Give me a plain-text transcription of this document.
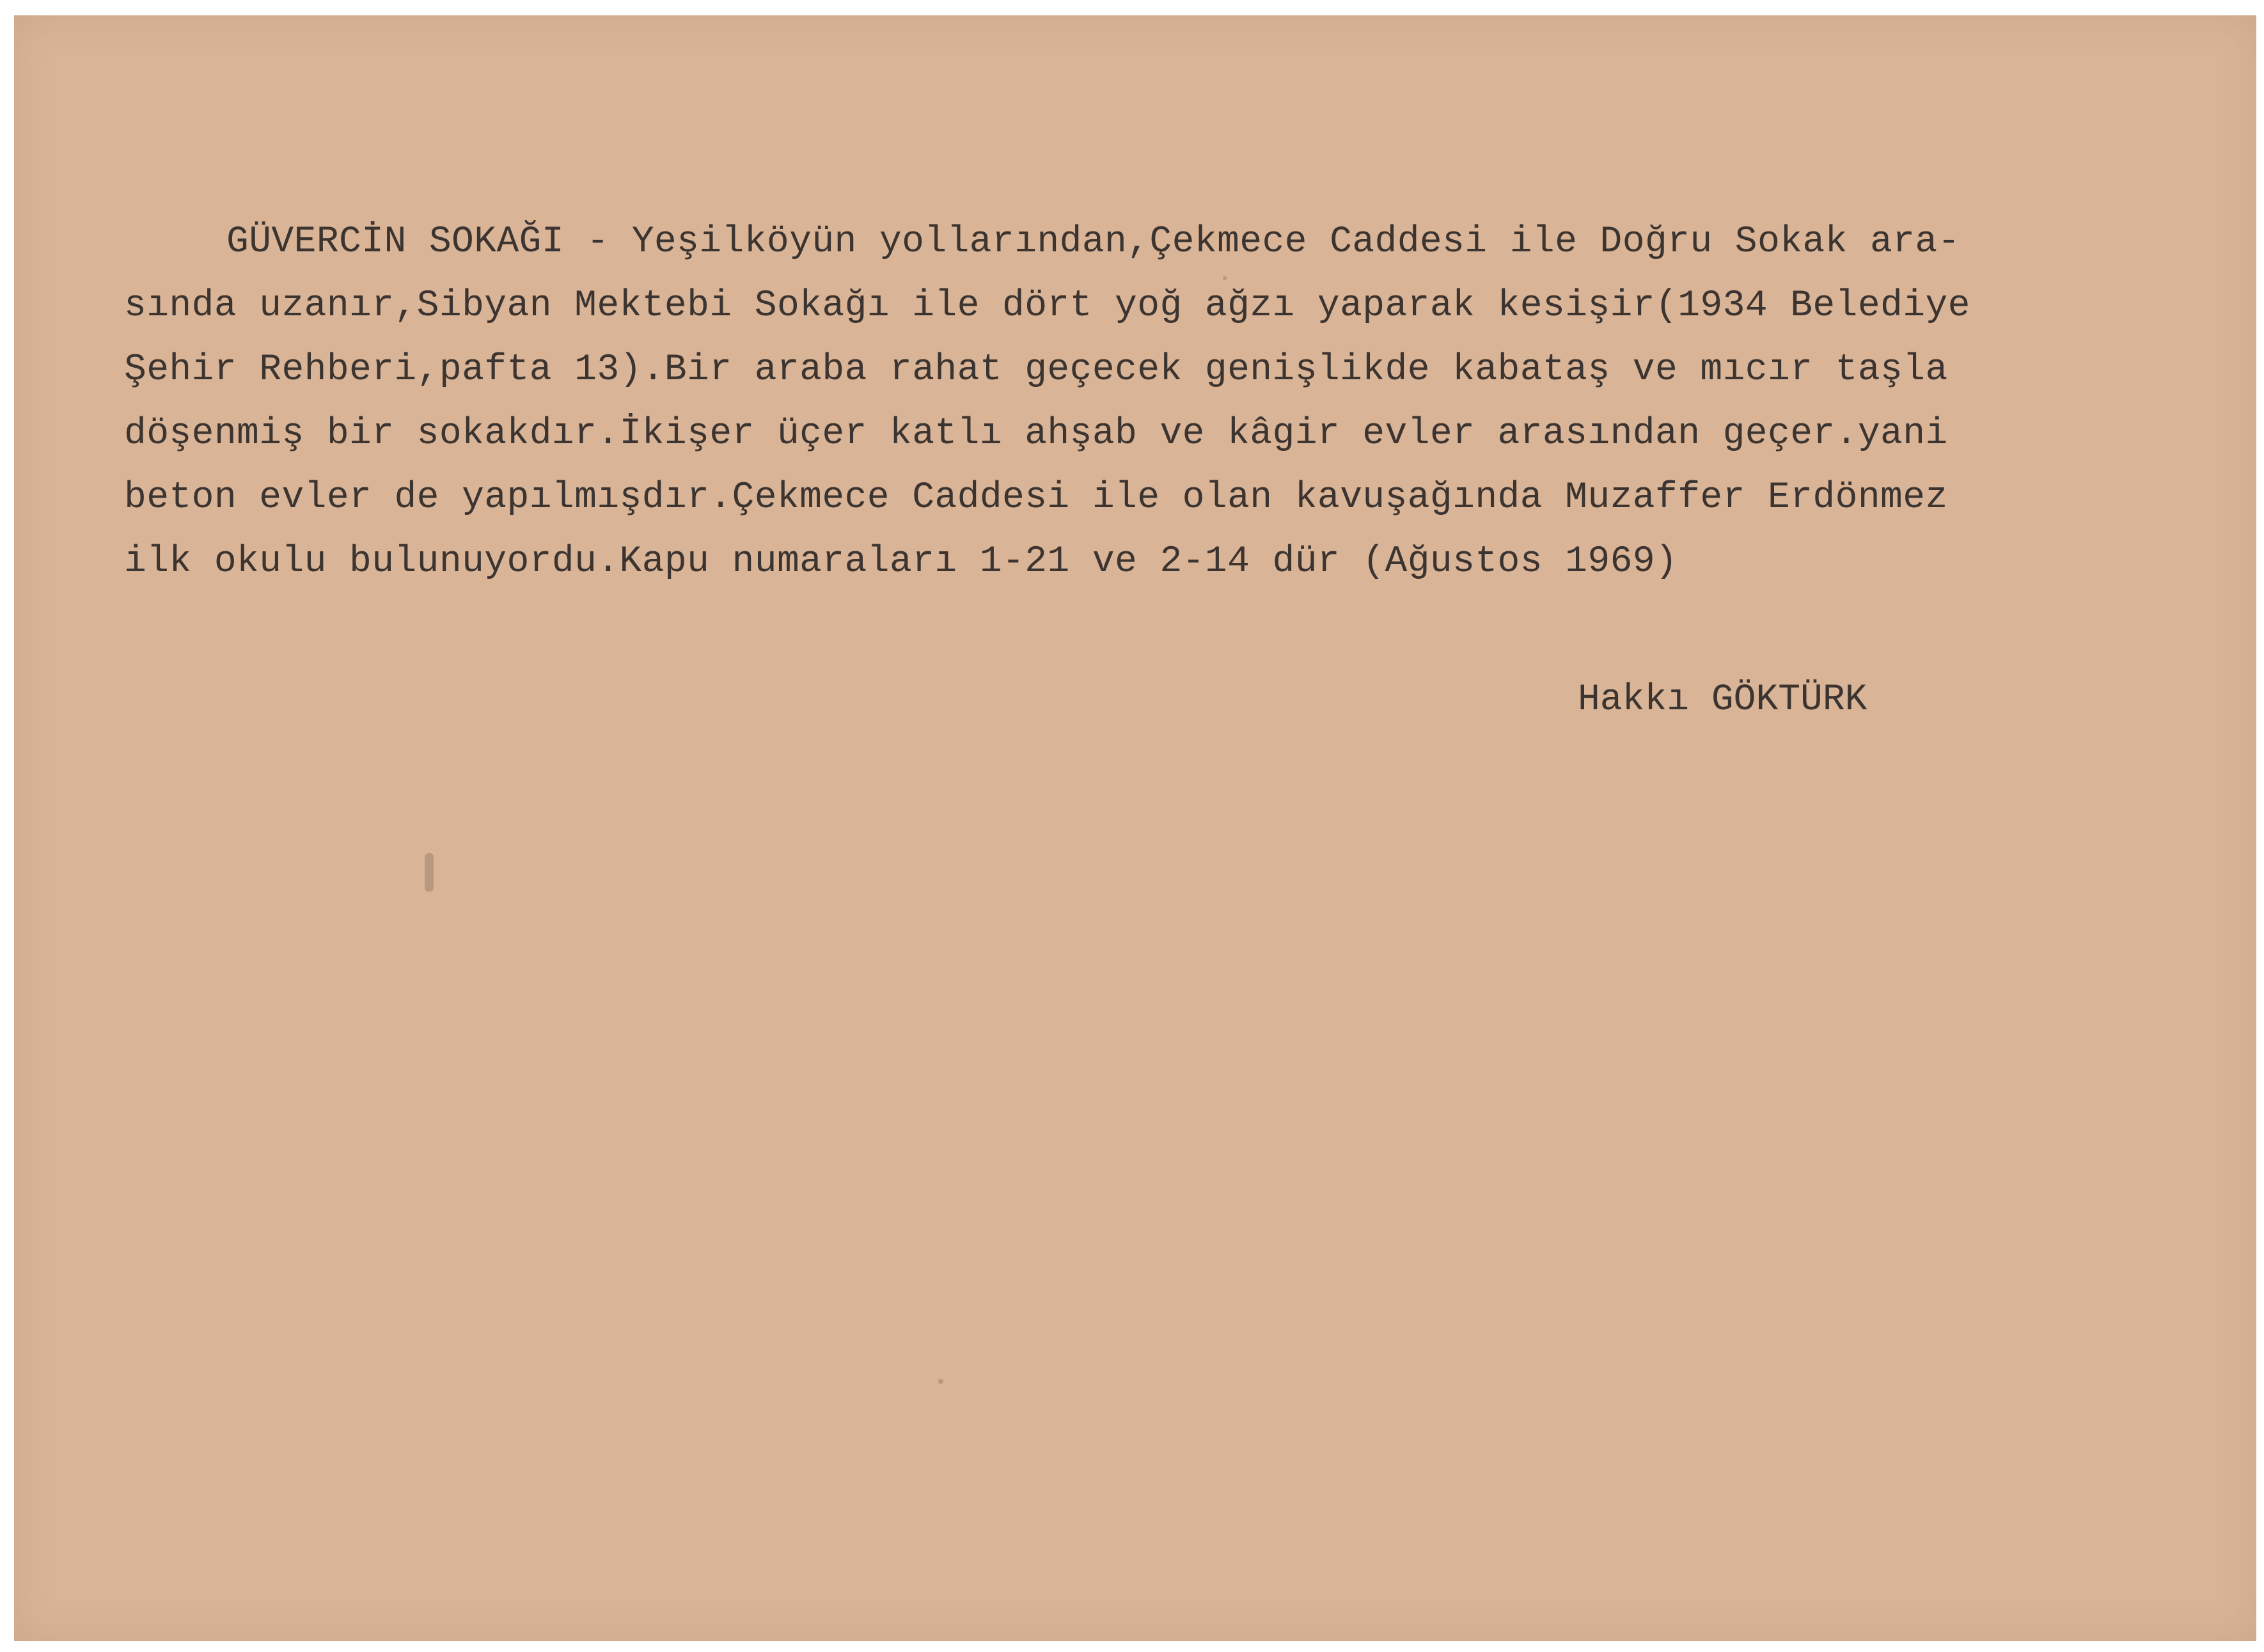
GÜVERCİN SOKAĞI - Yeşilköyün yollarından,Çekmece Caddesi ile Doğru Sokak ara-
sında uzanır,Sibyan Mektebi Sokağı ile dört yoğ ağzı yaparak kesişir(1934 Belediye
Şehir Rehberi,pafta 13).Bir araba rahat geçecek genişlikde kabataş ve mıcır taşla
döşenmiş bir sokakdır.İkişer üçer katlı ahşab ve kâgir evler arasından geçer.yani
beton evler de yapılmışdır.Çekmece Caddesi ile olan kavuşağında Muzaffer Erdönmez
ilk okulu bulunuyordu.Kapu numaraları 1-21 ve 2-14 dür (Ağustos 1969)
Hakkı GÖKTÜRK
